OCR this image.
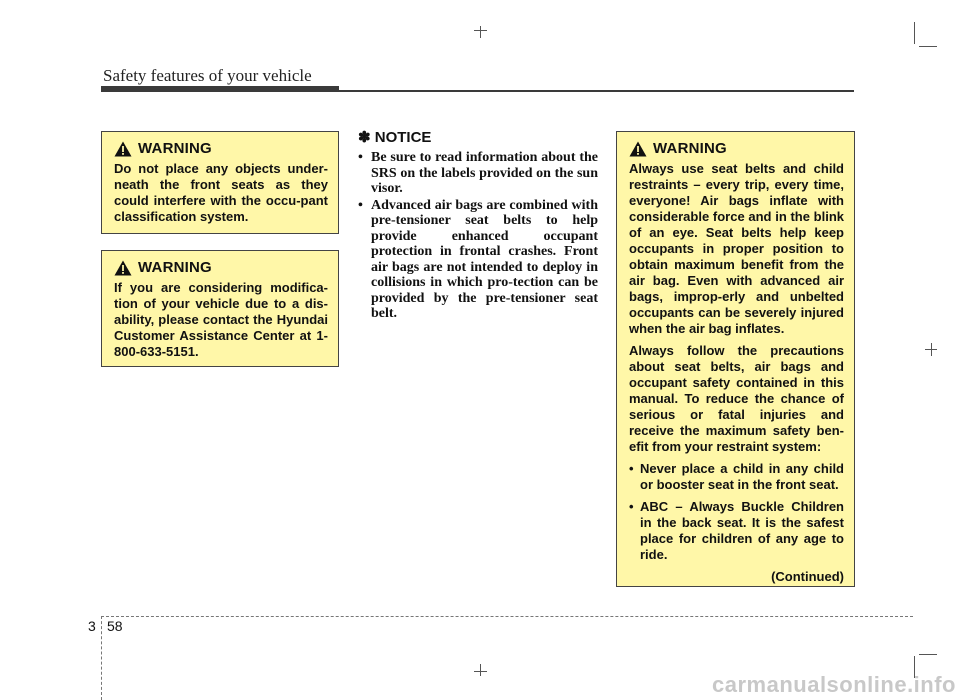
Safety features of your vehicle
3 58
WARNING
Do not place any objects under-neath the front seats as they could interfere with the occu-pant classification system.
WARNING
If you are considering modifica-tion of your vehicle due to a dis-ability, please contact the Hyundai Customer Assistance Center at 1-800-633-5151.
✽ NOTICE
• Be sure to read information about the SRS on the labels provided on the sun visor.
• Advanced air bags are combined with pre-tensioner seat belts to help provide enhanced occupant protection in frontal crashes. Front air bags are not intended to deploy in collisions in which pro-tection can be provided by the pre-tensioner seat belt.
WARNING

Always use seat belts and child restraints – every trip, every time, everyone! Air bags inflate with considerable force and in the blink of an eye. Seat belts help keep occupants in proper position to obtain maximum benefit from the air bag. Even with advanced air bags, improp-erly and unbelted occupants can be severely injured when the air bag inflates.

Always follow the precautions about seat belts, air bags and occupant safety contained in this manual. To reduce the chance of serious or fatal injuries and receive the maximum safety ben-efit from your restraint system:

• Never place a child in any child or booster seat in the front seat.
• ABC – Always Buckle Children in the back seat. It is the safest place for children of any age to ride.
(Continued)
carmanualsonline.info
